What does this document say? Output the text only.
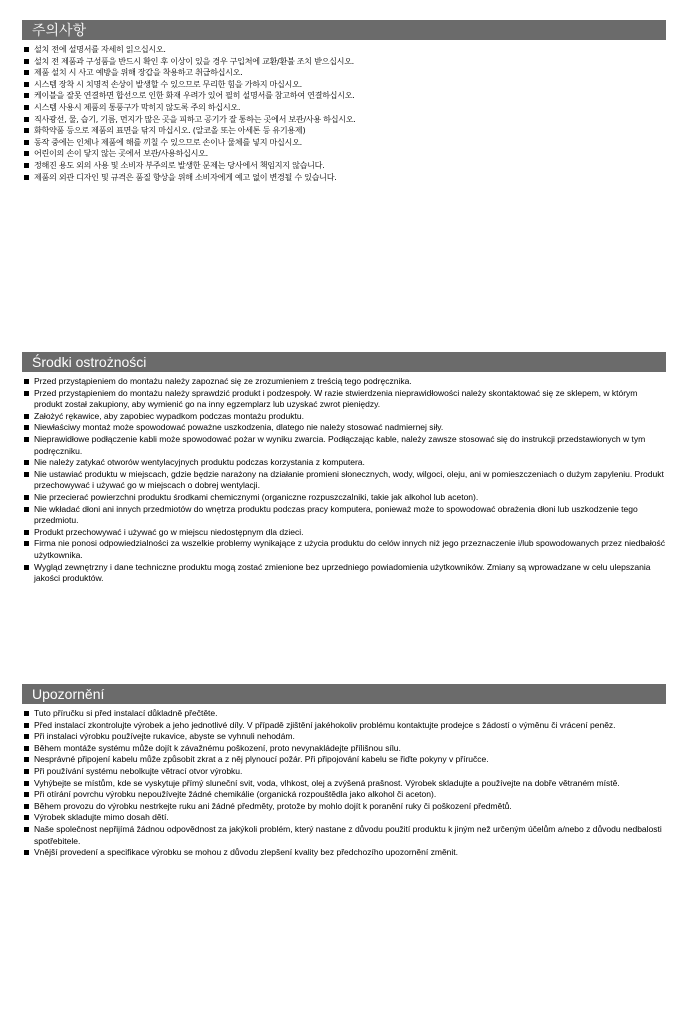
주의사항
설치 전에 설명서를 자세히 읽으십시오.
설치 전 제품과 구성품을 반드시 확인 후 이상이 있을 경우 구입처에 교환/환불 조치 받으십시오.
제품 설치 시 사고 예방을 위해 장갑을 착용하고 취급하십시오.
시스템 장착 시 치명적 손상이 발생할 수 있으므로 무리한 힘을 가하지 마십시오.
케이블을 잘못 연결하면 합선으로 인한 화재 우려가 있어 필히 설명서를 참고하여 연결하십시오.
시스템 사용시 제품의 통풍구가 막히지 않도록 주의 하십시오.
직사광선, 물, 습기, 기름, 먼지가 많은 곳을 피하고 공기가 잘 통하는 곳에서 보관/사용 하십시오.
화학약품 등으로 제품의 표면을 닦지 마십시오. (알코올 또는 아세톤 등 유기용제)
동작 중에는 인체나 제품에 해를 끼칠 수 있으므로 손이나 물체를 넣지 마십시오.
어린이의 손이 닿지 않는 곳에서 보관/사용하십시오.
정해진 용도 외의 사용 및 소비자 부주의로 발생한 문제는 당사에서 책임지지 않습니다.
제품의 외관 디자인 및 규격은 품질 향상을 위해 소비자에게 예고 없이 변경될 수 있습니다.
Środki ostrożności
Przed przystąpieniem do montażu należy zapoznać się ze zrozumieniem z treścią tego podręcznika.
Przed przystąpieniem do montażu należy sprawdzić produkt i podzespoły. W razie stwierdzenia nieprawidłowości należy skontaktować się ze sklepem, w którym produkt został zakupiony, aby wymienić go na inny egzemplarz lub uzyskać zwrot pieniędzy.
Założyć rękawice, aby zapobiec wypadkom podczas montażu produktu.
Niewłaściwy montaż może spowodować poważne uszkodzenia, dlatego nie należy stosować nadmiernej siły.
Nieprawidłowe podłączenie kabli może spowodować pożar w wyniku zwarcia. Podłączając kable, należy zawsze stosować się do instrukcji przedstawionych w tym podręczniku.
Nie należy zatykać otworów wentylacyjnych produktu podczas korzystania z komputera.
Nie ustawiać produktu w miejscach, gdzie będzie narażony na działanie promieni słonecznych, wody, wilgoci, oleju, ani w pomieszczeniach o dużym zapyleniu. Produkt przechowywać i używać go w miejscach o dobrej wentylacji.
Nie przecierać powierzchni produktu środkami chemicznymi (organiczne rozpuszczalniki, takie jak alkohol lub aceton).
Nie wkładać dłoni ani innych przedmiotów do wnętrza produktu podczas pracy komputera, ponieważ może to spowodować obrażenia dłoni lub uszkodzenie tego przedmiotu.
Produkt przechowywać i używać go w miejscu niedostępnym dla dzieci.
Firma nie ponosi odpowiedzialności za wszelkie problemy wynikające z użycia produktu do celów innych niż jego przeznaczenie i/lub spowodowanych przez niedbałość użytkownika.
Wygląd zewnętrzny i dane techniczne produktu mogą zostać zmienione bez uprzedniego powiadomienia użytkowników. Zmiany są wprowadzane w celu ulepszania jakości produktów.
Upozornění
Tuto příručku si před instalací důkladně přečtěte.
Před instalací zkontrolujte výrobek a jeho jednotlivé díly. V případě zjištění jakéhokoliv problému kontaktujte prodejce s žádostí o výměnu či vrácení peněz.
Při instalaci výrobku používejte rukavice, abyste se vyhnuli nehodám.
Během montáže systému může dojít k závažnému poškození, proto nevynakládejte přílišnou sílu.
Nesprávné připojení kabelu může způsobit zkrat a z něj plynoucí požár. Při připojování kabelu se řiďte pokyny v příručce.
Při používání systému nebolkujte větrací otvor výrobku.
Vyhýbejte se místům, kde se vyskytuje přímý sluneční svit, voda, vlhkost, olej a zvýšená prašnost. Výrobek skladujte a používejte na dobře větraném místě.
Při otírání povrchu výrobku nepoužívejte žádné chemikálie (organická rozpouštědla jako alkohol či aceton).
Během provozu do výrobku nestrkejte ruku ani žádné předměty, protože by mohlo dojít k poranění ruky či poškození předmětů.
Výrobek skladujte mimo dosah dětí.
Naše společnost nepřijímá žádnou odpovědnost za jakýkoli problém, který nastane z důvodu použití produktu k jiným než určeným účelům a/nebo z důvodu nedbalosti spotřebitele.
Vnější provedení a specifikace výrobku se mohou z důvodu zlepšení kvality bez předchozího upozornění změnit.
